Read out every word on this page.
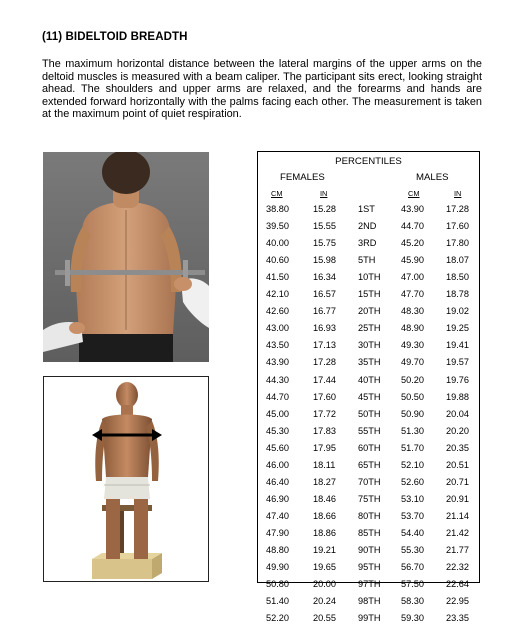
(11) BIDELTOID BREADTH
The maximum horizontal distance between the lateral margins of the upper arms on the deltoid muscles is measured with a beam caliper. The participant sits erect, looking straight ahead. The shoulders and upper arms are relaxed, and the forearms and hands are extended forward horizontally with the palms facing each other. The measurement is taken at the maximum point of quiet respiration.
PERCENTILES
FEMALES	MALES
CM	IN	CM	IN
38.80	15.28 1ST	43.90 17.28
39.50	15.55 2ND	44.70 17.60
40.00	15.75 3RD	45.20 17.80
40.60	15.98 5TH	45.90 18.07
41.50	16.34 10TH 47.00 18.50
42.10	16.57 15TH 47.70 18.78
42.60	16.77 20TH 48.30 19.02
43.00	16.93 25TH 48.90 19.25
43.50	17.13 30TH 49.30 19.41
43.90	17.28 35TH 49.70 19.57
44.30	17.44 40TH 50.20 19.76
44.70	17.60 45TH 50.50 19.88
45.00	17.72 50TH 50.90 20.04
45.30	17.83 55TH 51.30 20.20
45.60	17.95 60TH 51.70 20.35
46.00	18.11 65TH 52.10 20.51
46.40	18.27 70TH 52.60 20.71
46.90	18.46 75TH 53.10 20.91
47.40	18.66 80TH 53.70 21.14
47.90	18.86 85TH 54.40 21.42
48.80	19.21 90TH 55.30 21.77
49.90	19.65 95TH 56.70 22.32
50.80	20.00 97TH 57.50 22.64
51.40	20.24 98TH 58.30 22.95
52.20	20.55 99TH 59.30 23.35
